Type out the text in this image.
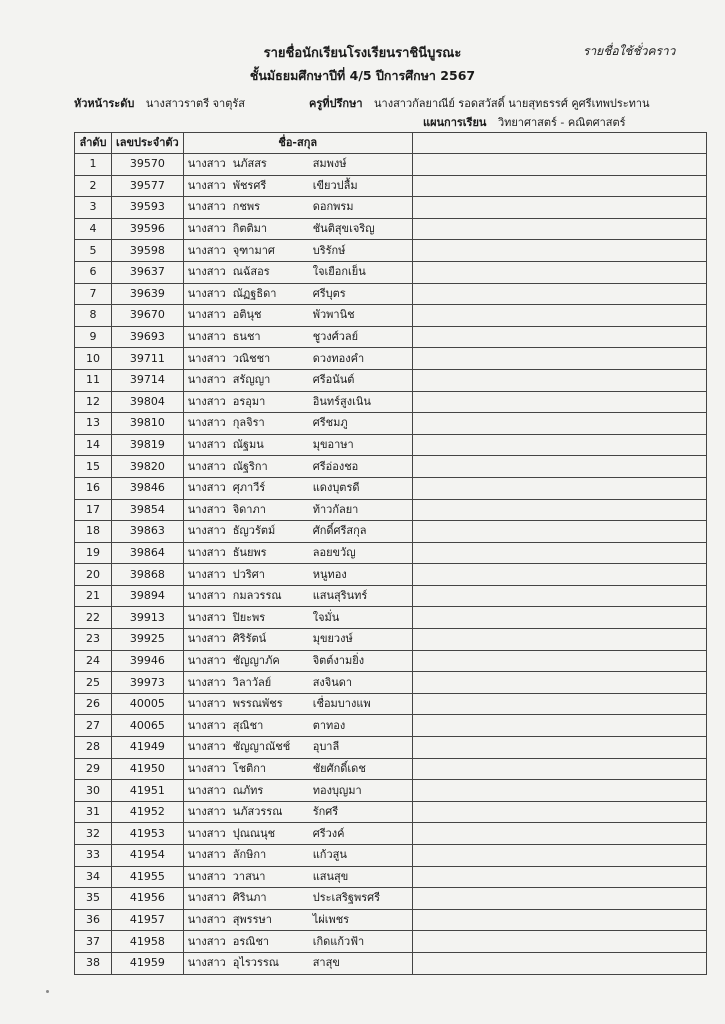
รายชื่อนักเรียนโรงเรียนราชินีบูรณะ	รายชื่อใช้ชั่วคราว
ชั้นมัธยมศึกษาปีที่ 4/5 ปีการศึกษา 2567
หัวหน้าระดับ นางสาวราตรี จาตุรัส	ครูที่ปรึกษา นางสาวกัลยาณีย์ รอดสวัสดิ์ นายสุทธรรศ์ คูศรีเทพประทาน
แผนการเรียน วิทยาศาสตร์ - คณิตศาสตร์
ลำดับ	เลขประจำตัว	ชื่อ-สกุล	
1	39570	นางสาว นภัสสร สมพงษ์	
2	39577	นางสาว พัชรศรี เขียวปลื้ม	
3	39593	นางสาว กชพร ดอกพรม	
4	39596	นางสาว กิตติมา ชันติสุขเจริญ	
5	39598	นางสาว จุฑามาศ บริรักษ์	
6	39637	นางสาว ณฉัสอร ใจเยือกเย็น	
7	39639	นางสาว ณัฏฐธิดา ศรีบุตร	
8	39670	นางสาว อตินุช พัวพานิช	
9	39693	นางสาว ธนชา ชูวงศ์วลย์	
10	39711	นางสาว วณิชชา ดวงทองคำ	
11	39714	นางสาว สรัญญา ศรีอนันต์	
12	39804	นางสาว อรอุมา อินทร์สูงเนิน	
13	39810	นางสาว กุลจิรา ศรีชมภู	
14	39819	นางสาว ณัฐมน มุขอาษา	
15	39820	นางสาว ณัฐริกา ศรีอ่องชอ	
16	39846	นางสาว ศุภาวีร์ แดงบุตรดี	
17	39854	นางสาว จิดาภา ท้าวกัลยา	
18	39863	นางสาว ธัญวรัตม์ ศักดิ์ศรีสกุล	
19	39864	นางสาว ธันยพร ลอยขวัญ	
20	39868	นางสาว ปวริศา หนูทอง	
21	39894	นางสาว กมลวรรณ แสนสุรินทร์	
22	39913	นางสาว ปิยะพร ใจมั่น	
23	39925	นางสาว ศิริรัตน์ มุขยวงษ์	
24	39946	นางสาว ชัญญาภัค จิตต์งามยิ่ง	
25	39973	นางสาว วิลาวัลย์ สงจินดา	
26	40005	นางสาว พรรณพัชร เชื่อมบางแพ	
27	40065	นางสาว สุณิชา ตาทอง	
28	41949	นางสาว ชัญญาณัชช์ อุบาลี	
29	41950	นางสาว โชติกา ชัยศักดิ์เดช	
30	41951	นางสาว ณภัทร ทองบุญมา	
31	41952	นางสาว นภัสวรรณ รักศรี	
32	41953	นางสาว ปุณณนุช ศรีวงค์	
33	41954	นางสาว ลักษิกา แก้วสูน	
34	41955	นางสาว วาสนา แสนสุข	
35	41956	นางสาว ศิรินภา ประเสริฐพรศรี	
36	41957	นางสาว สุพรรษา ไผ่เพชร	
37	41958	นางสาว อรณิชา เกิดแก้วฟ้า	
38	41959	นางสาว อุไรวรรณ สาสุข	
